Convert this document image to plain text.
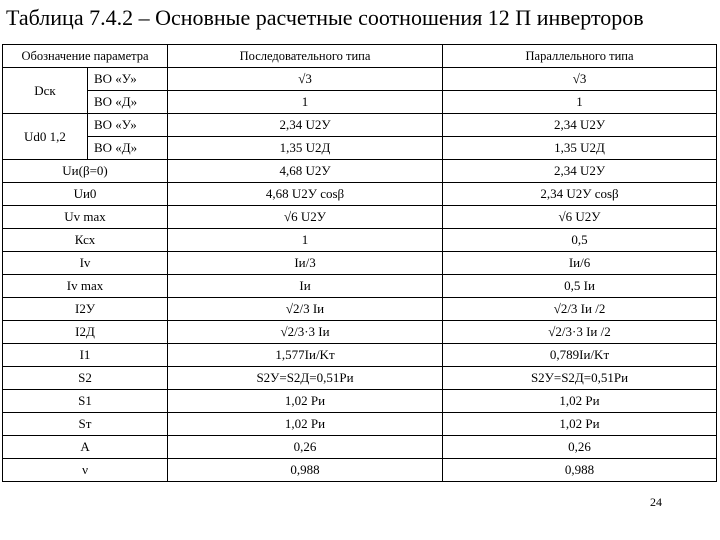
Таблица 7.4.2 – Основные расчетные соотношения 12 П инверторов
Обозначение параметра		Последовательного типа	Параллельного типа
Dск	ВО «У»	√3	√3
	ВО «Д»	1	1
Ud0 1,2	ВО «У»	2,34 U2У	2,34 U2У
	ВО «Д»	1,35 U2Д	1,35 U2Д
Uи(β=0)		4,68 U2У	2,34 U2У
Uи0		4,68 U2У cosβ	2,34 U2У cosβ
Uv max		√6 U2У	√6 U2У
Ксх		1	0,5
Iv		Iи/3	Iи/6
Iv max		Iи	0,5 Iи
I2У		√2/3 Iи	√2/3 Iи /2
I2Д		√2/3·3 Iи	√2/3·3 Iи /2
I1		1,577Iи/Kт	0,789Iи/Kт
S2		S2У=S2Д=0,51Pи	S2У=S2Д=0,51Pи
S1		1,02 Pи	1,02 Pи
Sт		1,02 Pи	1,02 Pи
A		0,26	0,26
ν		0,988	0,988
24
